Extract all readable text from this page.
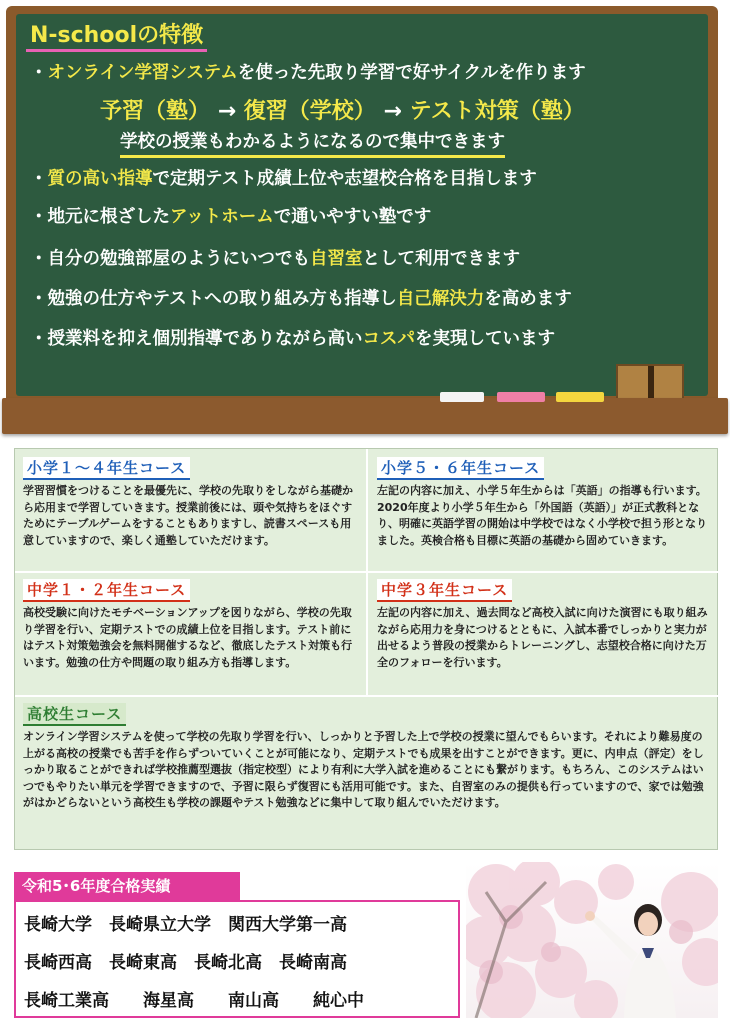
N-schoolの特徴
・オンライン学習システムを使った先取り学習で好サイクルを作ります
予習（塾） → 復習（学校） → テスト対策（塾）
学校の授業もわかるようになるので集中できます
・質の高い指導で定期テスト成績上位や志望校合格を目指します
・地元に根ざしたアットホームで通いやすい塾です
・自分の勉強部屋のようにいつでも自習室として利用できます
・勉強の仕方やテストへの取り組み方も指導し自己解決力を高めます
・授業料を抑え個別指導でありながら高いコスパを実現しています
小学１～４年生コース
学習習慣をつけることを最優先に、学校の先取りをしながら基礎から応用まで学習していきます。授業前後には、頭や気持ちをほぐすためにテーブルゲームをすることもありますし、読書スペースも用意していますので、楽しく通塾していただけます。
小学５・６年生コース
左記の内容に加え、小学５年生からは「英語」の指導も行います。2020年度より小学５年生から「外国語（英語）」が正式教科となり、明確に英語学習の開始は中学校ではなく小学校で担う形となりました。英検合格も目標に英語の基礎から固めていきます。
中学１・２年生コース
高校受験に向けたモチベーションアップを図りながら、学校の先取り学習を行い、定期テストでの成績上位を目指します。テスト前にはテスト対策勉強会を無料開催するなど、徹底したテスト対策も行います。勉強の仕方や問題の取り組み方も指導します。
中学３年生コース
左記の内容に加え、過去問など高校入試に向けた演習にも取り組みながら応用力を身につけるとともに、入試本番でしっかりと実力が出せるよう普段の授業からトレーニングし、志望校合格に向けた万全のフォローを行います。
高校生コース
オンライン学習システムを使って学校の先取り学習を行い、しっかりと予習した上で学校の授業に望んでもらいます。それにより難易度の上がる高校の授業でも苦手を作らずついていくことが可能になり、定期テストでも成果を出すことができます。更に、内申点（評定）をしっかり取ることができれば学校推薦型選抜（指定校型）により有利に大学入試を進めることにも繋がります。もちろん、このシステムはいつでもやりたい単元を学習できますので、予習に限らず復習にも活用可能です。また、自習室のみの提供も行っていますので、家では勉強がはかどらないという高校生も学校の課題やテスト勉強などに集中して取り組んでいただけます。
令和5･6年度合格実績
長崎大学　長崎県立大学　関西大学第一高
長崎西高　長崎東高　長崎北高　長崎南高
長崎工業高　　海星高　　南山高　　純心中
